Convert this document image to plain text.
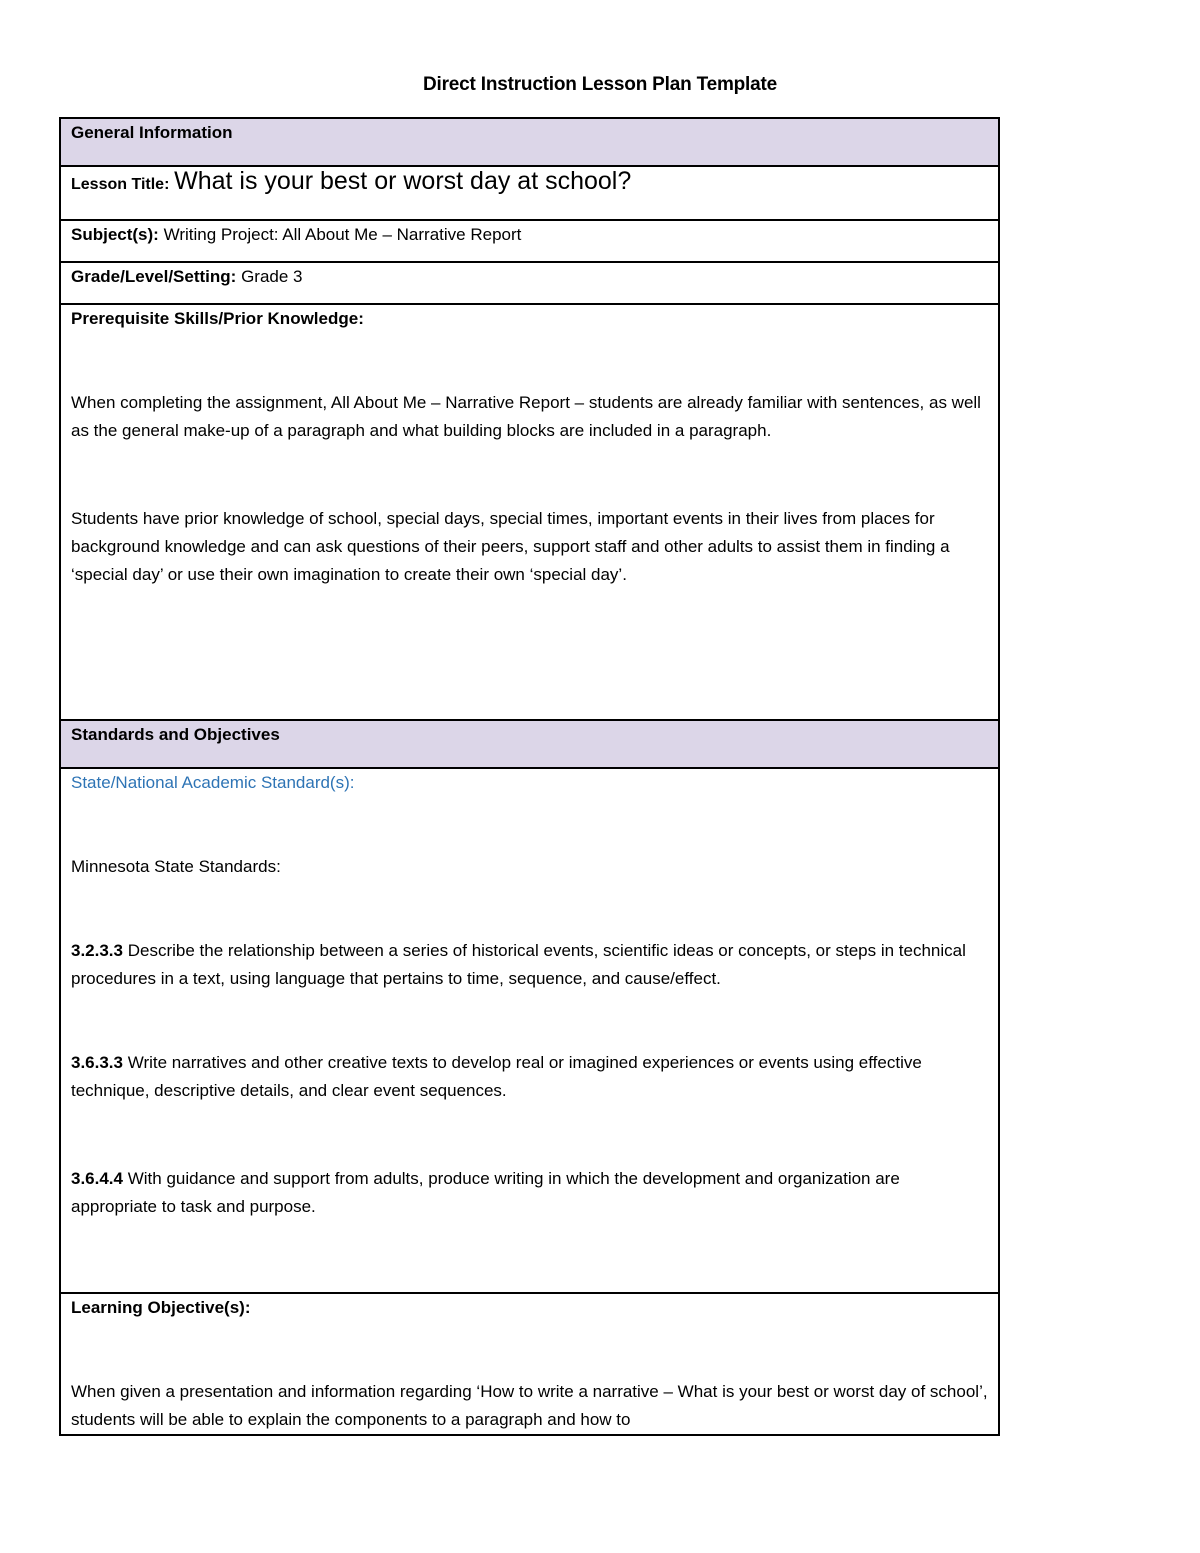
Direct Instruction Lesson Plan Template
General Information
Lesson Title: What is your best or worst day at school?
Subject(s): Writing Project: All About Me – Narrative Report
Grade/Level/Setting: Grade 3

Prerequisite Skills/Prior Knowledge:

When completing the assignment, All About Me – Narrative Report – students are already familiar with sentences, as well as the general make-up of a paragraph and what building blocks are included in a paragraph.

Students have prior knowledge of school, special days, special times, important events in their lives from places for background knowledge and can ask questions of their peers, support staff and other adults to assist them in finding a ‘special day’ or use their own imagination to create their own ‘special day’.

Standards and Objectives

State/National Academic Standard(s):

Minnesota State Standards:

3.2.3.3 Describe the relationship between a series of historical events, scientific ideas or concepts, or steps in technical procedures in a text, using language that pertains to time, sequence, and cause/effect.

3.6.3.3 Write narratives and other creative texts to develop real or imagined experiences or events using effective technique, descriptive details, and clear event sequences.

3.6.4.4 With guidance and support from adults, produce writing in which the development and organization are appropriate to task and purpose.

Learning Objective(s):

When given a presentation and information regarding ‘How to write a narrative – What is your best or worst day of school’, students will be able to explain the components to a paragraph and how to
